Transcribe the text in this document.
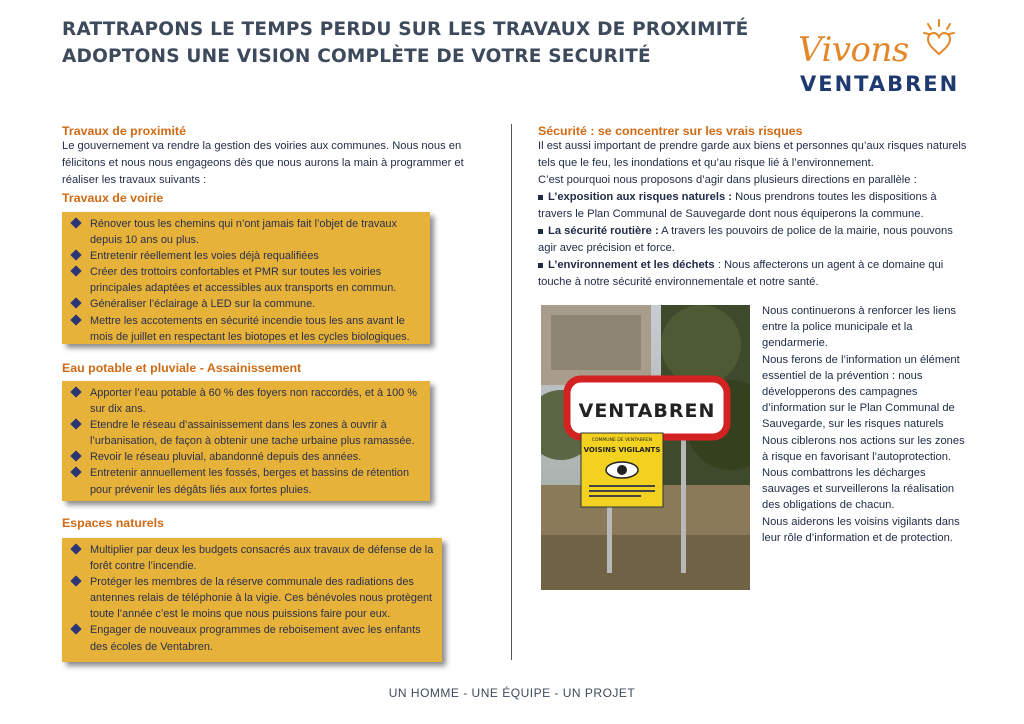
RATTRAPONS LE TEMPS PERDU SUR LES TRAVAUX DE PROXIMITÉ
ADOPTONS UNE VISION COMPLÈTE DE VOTRE SECURITÉ	Vivons
VENTABREN
Travaux de proximité
Le gouvernement va rendre la gestion des voiries aux communes. Nous nous en félicitons et nous nous engageons dès que nous aurons la main à programmer et réaliser les travaux suivants :
Travaux de voirie
Rénover tous les chemins qui n’ont jamais fait l’objet de travaux depuis 10 ans ou plus.
Entretenir réellement les voies déjà requalifiées
Créer des trottoirs confortables et PMR sur toutes les voiries principales adaptées et accessibles aux transports en commun.
Généraliser l’éclairage à LED sur la commune.
Mettre les accotements en sécurité incendie tous les ans avant le mois de juillet en respectant les biotopes et les cycles biologiques.
Eau potable et pluviale - Assainissement
Apporter l’eau potable à 60 % des foyers non raccordés, et à 100 % sur dix ans.
Etendre le réseau d’assainissement dans les zones à ouvrir à l’urbanisation, de façon à obtenir une tache urbaine plus ramassée.
Revoir le réseau pluvial, abandonné depuis des années.
Entretenir annuellement les fossés, berges et bassins de rétention pour prévenir les dégâts liés aux fortes pluies.
Espaces naturels
Multiplier par deux les budgets consacrés aux travaux de défense de la forêt contre l’incendie.
Protéger les membres de la réserve communale des radiations des antennes relais de téléphonie à la vigie. Ces bénévoles nous protègent toute l’année c’est le moins que nous puissions faire pour eux.
Engager de nouveaux programmes de reboisement avec les enfants des écoles de Ventabren.
Sécurité : se concentrer sur les vrais risques
Il est aussi important de prendre garde aux biens et personnes qu’aux risques naturels tels que le feu, les inondations et qu’au risque lié à l’environnement.
C’est pourquoi nous proposons d’agir dans plusieurs directions en parallèle :
L’exposition aux risques naturels : Nous prendrons toutes les dispositions à travers le Plan Communal de Sauvegarde dont nous équiperons la commune.
La sécurité routière : A travers les pouvoirs de police de la mairie, nous pouvons agir avec précision et force.
L’environnement et les déchets : Nous affecterons un agent à ce domaine qui touche à notre sécurité environnementale et notre santé.
VENTABREN
COMMUNE DE VENTABREN
VOISINS VIGILANTS
Nous continuerons à renforcer les liens entre la police municipale et la gendarmerie.
Nous ferons de l’information un élément essentiel de la prévention : nous développerons des campagnes d’information sur le Plan Communal de Sauvegarde, sur les risques naturels
Nous ciblerons nos actions sur les zones à risque en favorisant l’autoprotection.
Nous combattrons les décharges sauvages et surveillerons la réalisation des obligations de chacun.
Nous aiderons les voisins vigilants dans leur rôle d’information et de protection.
UN HOMME - UNE ÉQUIPE - UN PROJET
